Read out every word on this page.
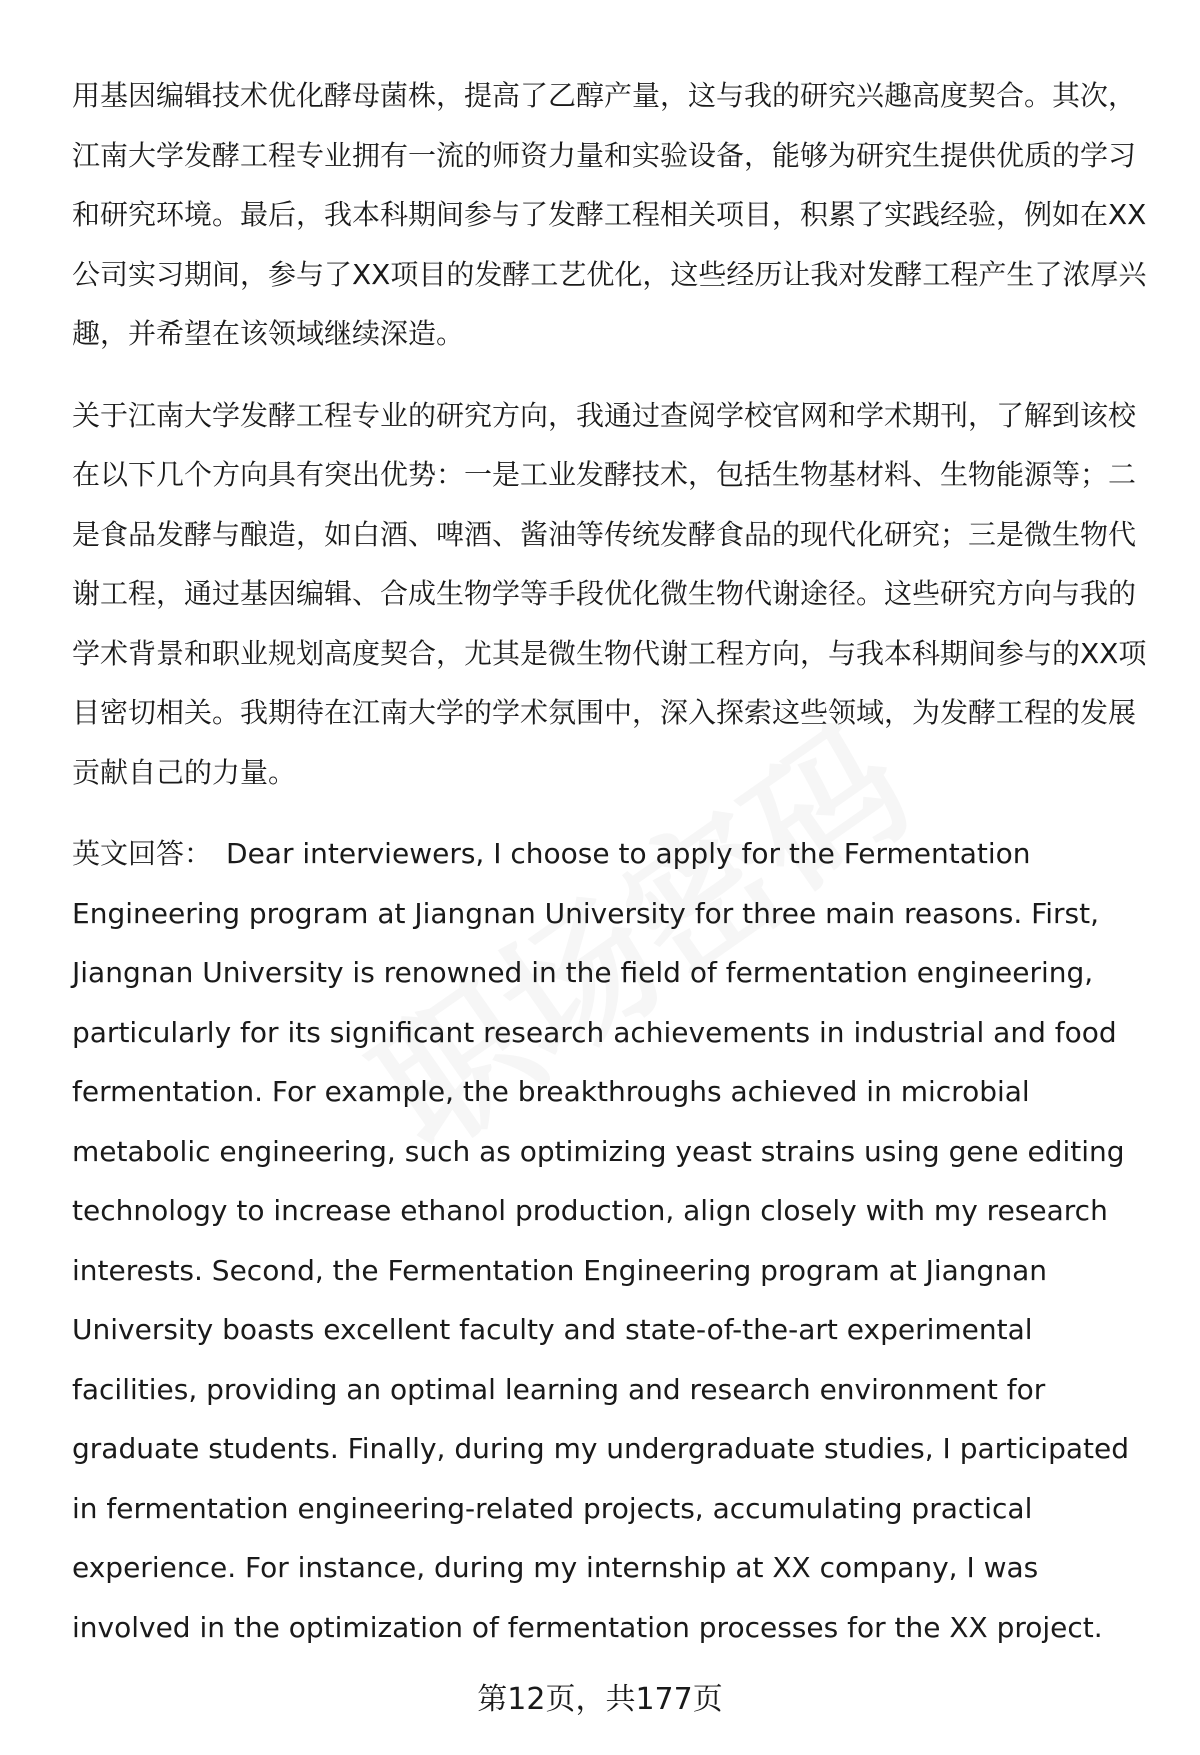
用基因编辑技术优化酵母菌株，提高了乙醇产量，这与我的研究兴趣高度契合。其次，江南大学发酵工程专业拥有一流的师资力量和实验设备，能够为研究生提供优质的学习和研究环境。最后，我本科期间参与了发酵工程相关项目，积累了实践经验，例如在XX公司实习期间，参与了XX项目的发酵工艺优化，这些经历让我对发酵工程产生了浓厚兴趣，并希望在该领域继续深造。

关于江南大学发酵工程专业的研究方向，我通过查阅学校官网和学术期刊，了解到该校在以下几个方向具有突出优势：一是工业发酵技术，包括生物基材料、生物能源等；二是食品发酵与酿造，如白酒、啤酒、酱油等传统发酵食品的现代化研究；三是微生物代谢工程，通过基因编辑、合成生物学等手段优化微生物代谢途径。这些研究方向与我的学术背景和职业规划高度契合，尤其是微生物代谢工程方向，与我本科期间参与的XX项目密切相关。我期待在江南大学的学术氛围中，深入探索这些领域，为发酵工程的发展贡献自己的力量。

英文回答： Dear interviewers, I choose to apply for the Fermentation Engineering program at Jiangnan University for three main reasons. First, Jiangnan University is renowned in the field of fermentation engineering, particularly for its significant research achievements in industrial and food fermentation. For example, the breakthroughs achieved in microbial metabolic engineering, such as optimizing yeast strains using gene editing technology to increase ethanol production, align closely with my research interests. Second, the Fermentation Engineering program at Jiangnan University boasts excellent faculty and state-of-the-art experimental facilities, providing an optimal learning and research environment for graduate students. Finally, during my undergraduate studies, I participated in fermentation engineering-related projects, accumulating practical experience. For instance, during my internship at XX company, I was involved in the optimization of fermentation processes for the XX project.

第12页，共177页
